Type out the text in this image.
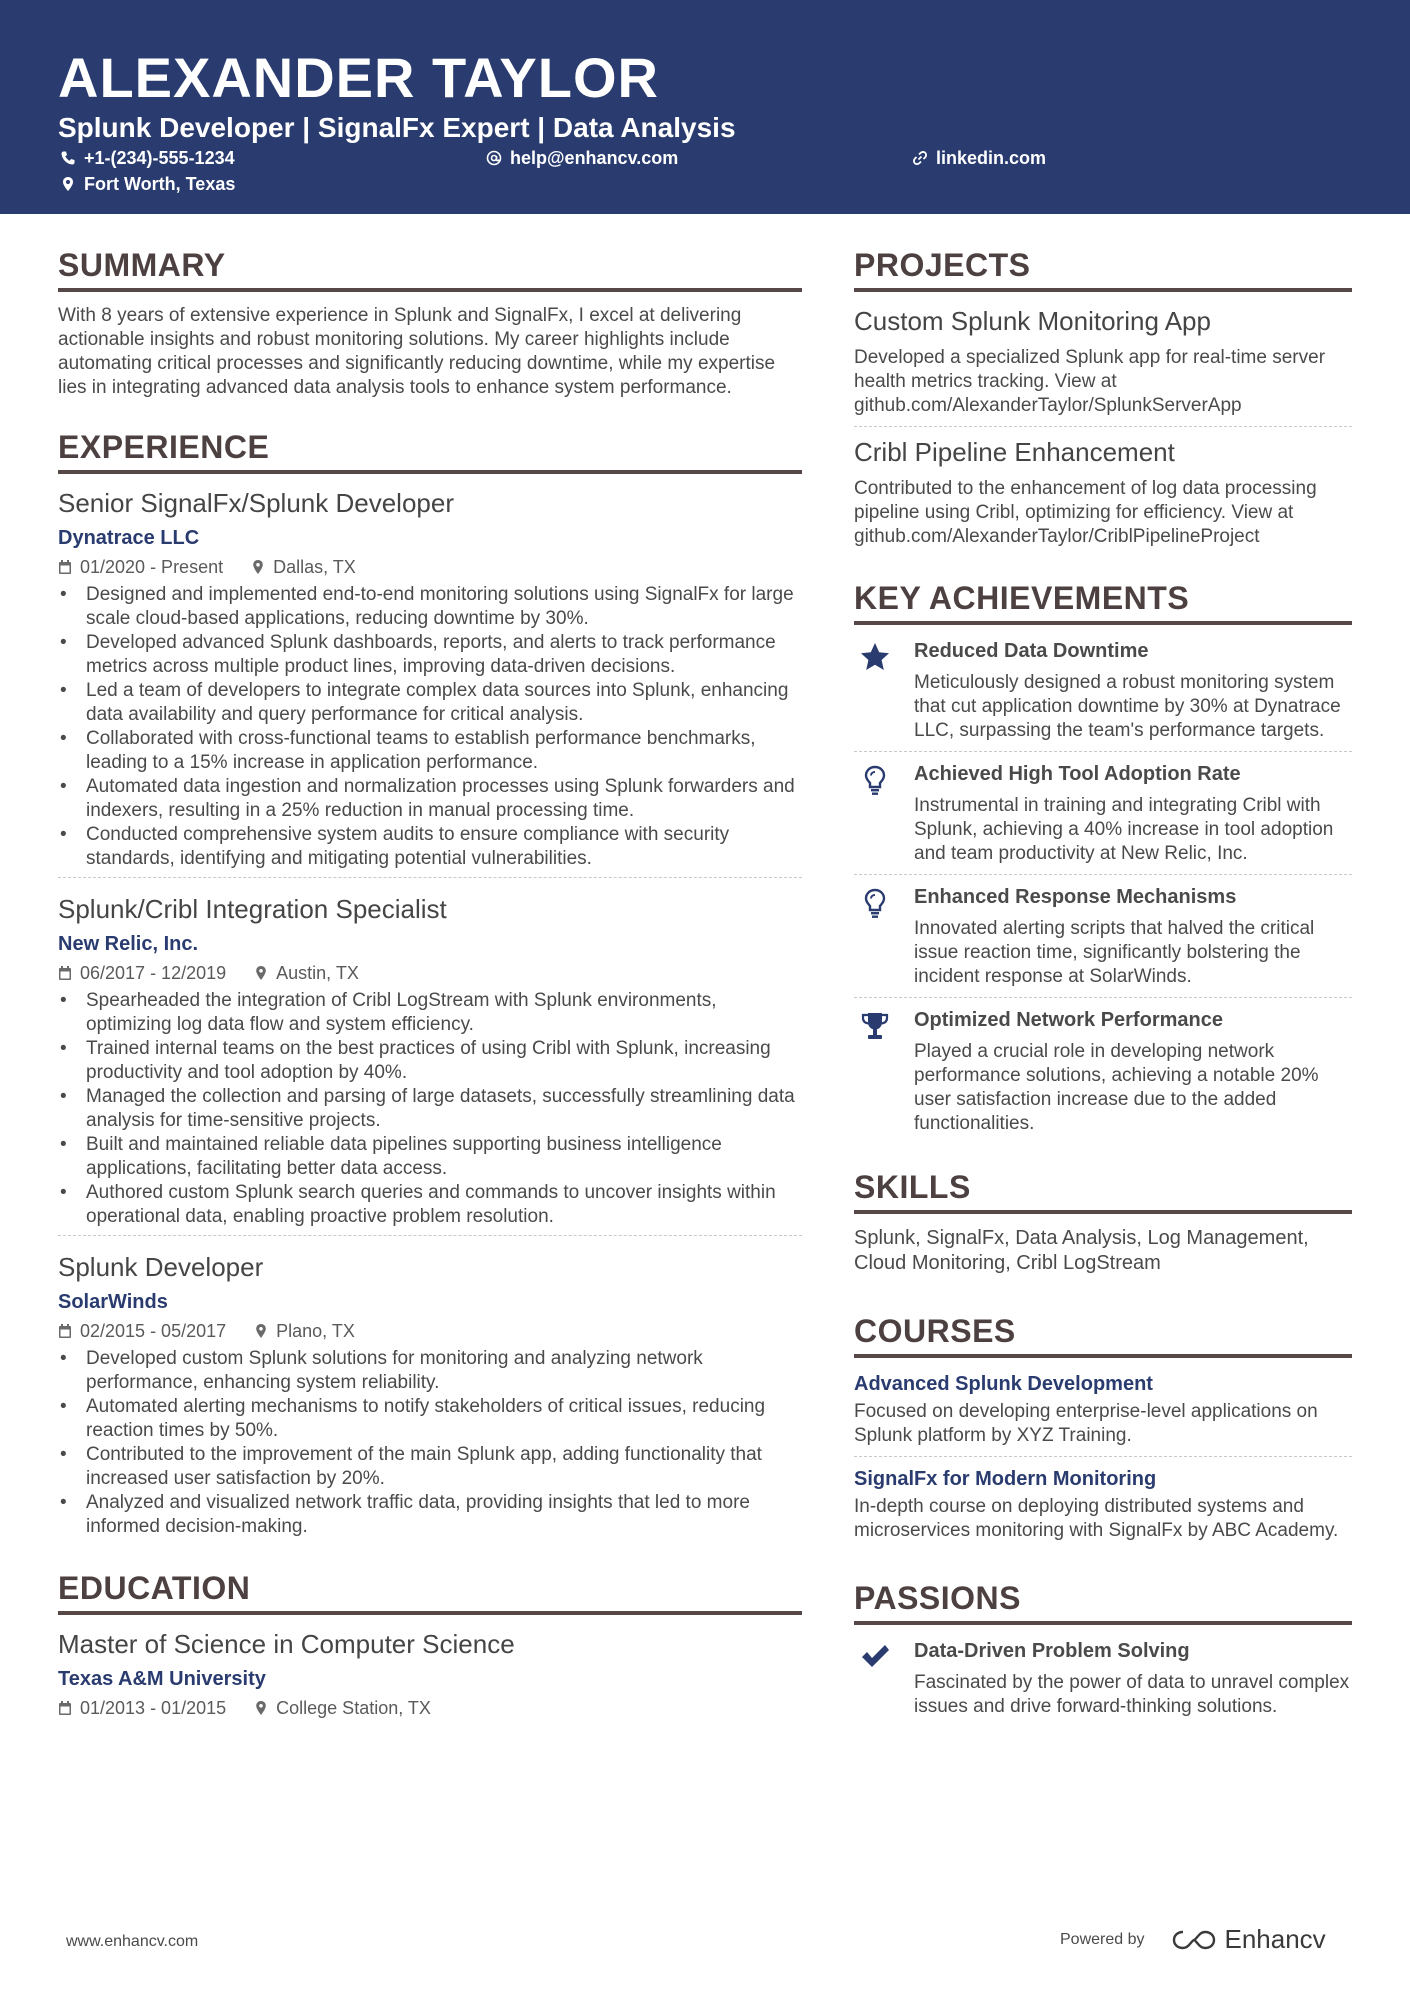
ALEXANDER TAYLOR
Splunk Developer | SignalFx Expert | Data Analysis
+1-(234)-555-1234	help@enhancv.com	linkedin.com
Fort Worth, Texas
SUMMARY
With 8 years of extensive experience in Splunk and SignalFx, I excel at delivering actionable insights and robust monitoring solutions. My career highlights include automating critical processes and significantly reducing downtime, while my expertise lies in integrating advanced data analysis tools to enhance system performance.
EXPERIENCE
Senior SignalFx/Splunk Developer
Dynatrace LLC
01/2020 - Present	Dallas, TX
• Designed and implemented end-to-end monitoring solutions using SignalFx for large scale cloud-based applications, reducing downtime by 30%.
• Developed advanced Splunk dashboards, reports, and alerts to track performance metrics across multiple product lines, improving data-driven decisions.
• Led a team of developers to integrate complex data sources into Splunk, enhancing data availability and query performance for critical analysis.
• Collaborated with cross-functional teams to establish performance benchmarks, leading to a 15% increase in application performance.
• Automated data ingestion and normalization processes using Splunk forwarders and indexers, resulting in a 25% reduction in manual processing time.
• Conducted comprehensive system audits to ensure compliance with security standards, identifying and mitigating potential vulnerabilities.
Splunk/Cribl Integration Specialist
New Relic, Inc.
06/2017 - 12/2019	Austin, TX
• Spearheaded the integration of Cribl LogStream with Splunk environments, optimizing log data flow and system efficiency.
• Trained internal teams on the best practices of using Cribl with Splunk, increasing productivity and tool adoption by 40%.
• Managed the collection and parsing of large datasets, successfully streamlining data analysis for time-sensitive projects.
• Built and maintained reliable data pipelines supporting business intelligence applications, facilitating better data access.
• Authored custom Splunk search queries and commands to uncover insights within operational data, enabling proactive problem resolution.
Splunk Developer
SolarWinds
02/2015 - 05/2017	Plano, TX
• Developed custom Splunk solutions for monitoring and analyzing network performance, enhancing system reliability.
• Automated alerting mechanisms to notify stakeholders of critical issues, reducing reaction times by 50%.
• Contributed to the improvement of the main Splunk app, adding functionality that increased user satisfaction by 20%.
• Analyzed and visualized network traffic data, providing insights that led to more informed decision-making.
EDUCATION
Master of Science in Computer Science
Texas A&M University
01/2013 - 01/2015	College Station, TX
PROJECTS
Custom Splunk Monitoring App
Developed a specialized Splunk app for real-time server health metrics tracking. View at github.com/AlexanderTaylor/SplunkServerApp
Cribl Pipeline Enhancement
Contributed to the enhancement of log data processing pipeline using Cribl, optimizing for efficiency. View at github.com/AlexanderTaylor/CriblPipelineProject
KEY ACHIEVEMENTS
Reduced Data Downtime
Meticulously designed a robust monitoring system that cut application downtime by 30% at Dynatrace LLC, surpassing the team's performance targets.
Achieved High Tool Adoption Rate
Instrumental in training and integrating Cribl with Splunk, achieving a 40% increase in tool adoption and team productivity at New Relic, Inc.
Enhanced Response Mechanisms
Innovated alerting scripts that halved the critical issue reaction time, significantly bolstering the incident response at SolarWinds.
Optimized Network Performance
Played a crucial role in developing network performance solutions, achieving a notable 20% user satisfaction increase due to the added functionalities.
SKILLS
Splunk, SignalFx, Data Analysis, Log Management, Cloud Monitoring, Cribl LogStream
COURSES
Advanced Splunk Development
Focused on developing enterprise-level applications on Splunk platform by XYZ Training.
SignalFx for Modern Monitoring
In-depth course on deploying distributed systems and microservices monitoring with SignalFx by ABC Academy.
PASSIONS
Data-Driven Problem Solving
Fascinated by the power of data to unravel complex issues and drive forward-thinking solutions.
www.enhancv.com	Powered by	Enhancv
